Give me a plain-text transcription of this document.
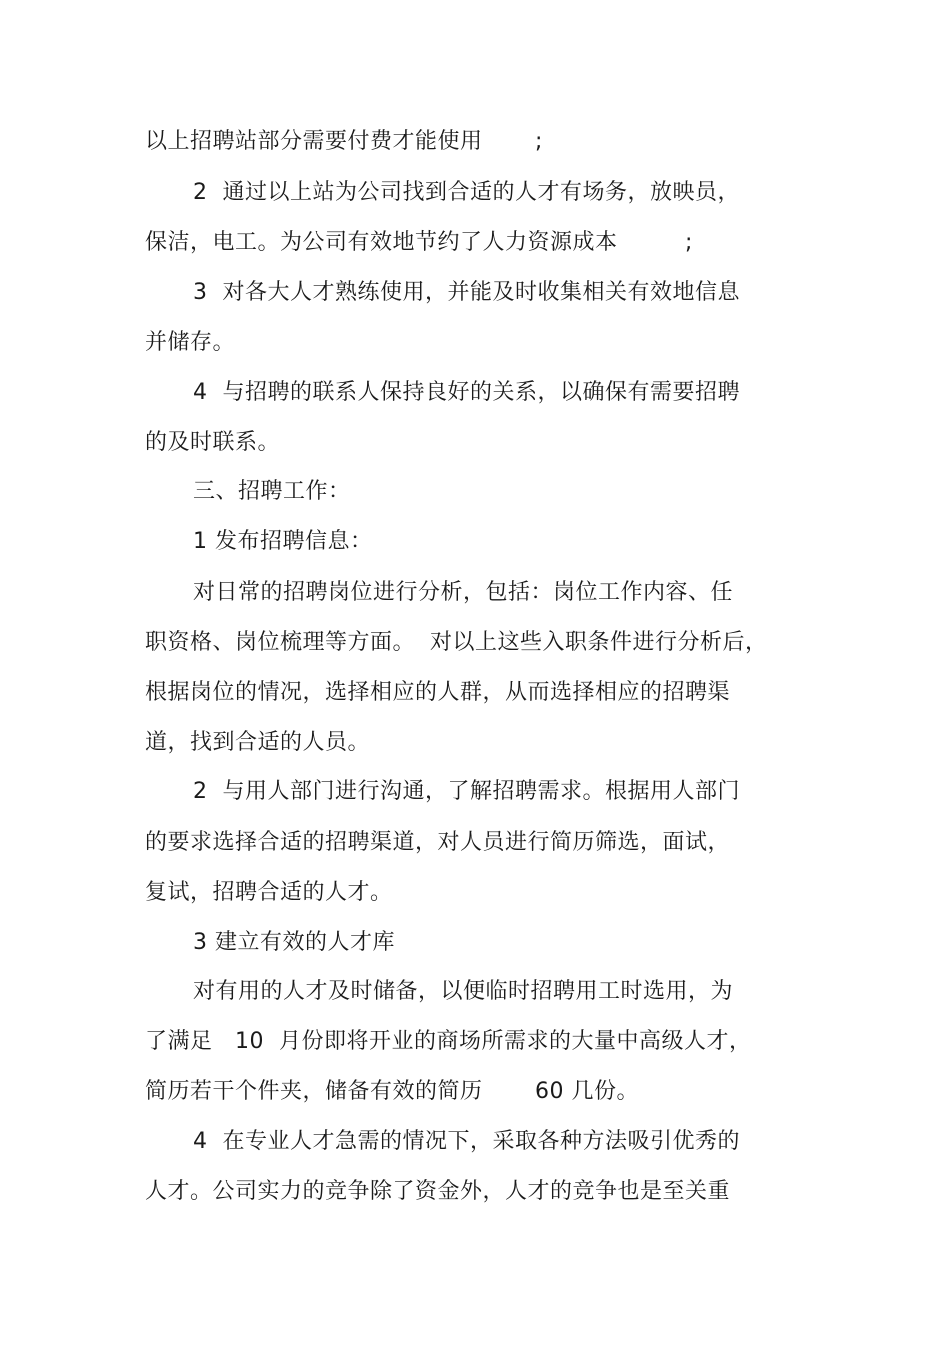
以上招聘站部分需要付费才能使用       ;
2  通过以上站为公司找到合适的人才有场务，放映员，
保洁，电工。为公司有效地节约了人力资源成本         ;
3  对各大人才熟练使用，并能及时收集相关有效地信息
并储存。
4  与招聘的联系人保持良好的关系，以确保有需要招聘
的及时联系。
三、招聘工作：
1 发布招聘信息：
对日常的招聘岗位进行分析，包括：岗位工作内容、任
职资格、岗位梳理等方面。  对以上这些入职条件进行分析后，
根据岗位的情况，选择相应的人群，从而选择相应的招聘渠
道，找到合适的人员。
2  与用人部门进行沟通，了解招聘需求。根据用人部门
的要求选择合适的招聘渠道，对人员进行简历筛选，面试，
复试，招聘合适的人才。
3 建立有效的人才库
对有用的人才及时储备，以便临时招聘用工时选用，为
了满足   10  月份即将开业的商场所需求的大量中高级人才，
简历若干个件夹，储备有效的简历       60 几份。
4  在专业人才急需的情况下，采取各种方法吸引优秀的
人才。公司实力的竞争除了资金外，人才的竞争也是至关重
